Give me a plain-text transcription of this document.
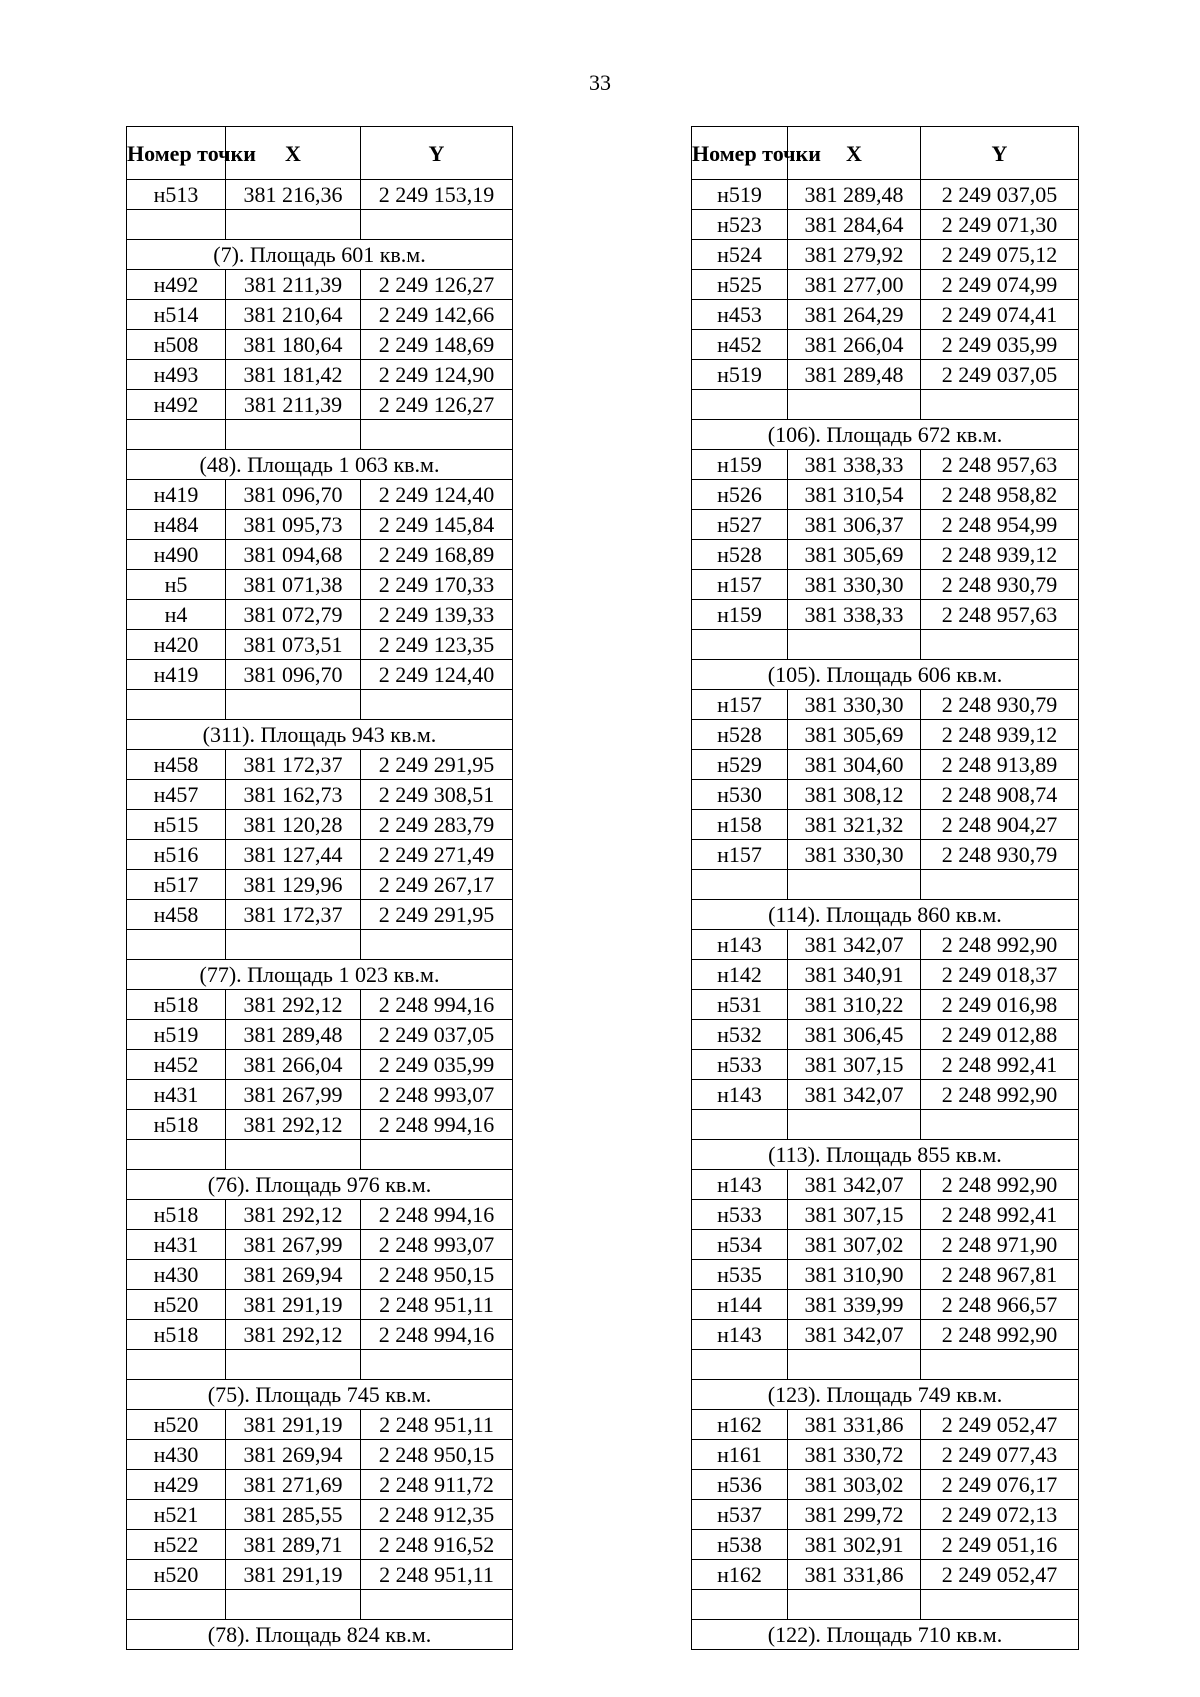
33
Номер точки	X	Y
н513	381 216,36	2 249 153,19

(7). Площадь 601 кв.м.		
н492	381 211,39	2 249 126,27
н514	381 210,64	2 249 142,66
н508	381 180,64	2 249 148,69
н493	381 181,42	2 249 124,90
н492	381 211,39	2 249 126,27

(48). Площадь 1 063 кв.м.		
н419	381 096,70	2 249 124,40
н484	381 095,73	2 249 145,84
н490	381 094,68	2 249 168,89
н5	381 071,38	2 249 170,33
н4	381 072,79	2 249 139,33
н420	381 073,51	2 249 123,35
н419	381 096,70	2 249 124,40

(311). Площадь 943 кв.м.		
н458	381 172,37	2 249 291,95
н457	381 162,73	2 249 308,51
н515	381 120,28	2 249 283,79
н516	381 127,44	2 249 271,49
н517	381 129,96	2 249 267,17
н458	381 172,37	2 249 291,95

(77). Площадь 1 023 кв.м.		
н518	381 292,12	2 248 994,16
н519	381 289,48	2 249 037,05
н452	381 266,04	2 249 035,99
н431	381 267,99	2 248 993,07
н518	381 292,12	2 248 994,16

(76). Площадь 976 кв.м.		
н518	381 292,12	2 248 994,16
н431	381 267,99	2 248 993,07
н430	381 269,94	2 248 950,15
н520	381 291,19	2 248 951,11
н518	381 292,12	2 248 994,16

(75). Площадь 745 кв.м.		
н520	381 291,19	2 248 951,11
н430	381 269,94	2 248 950,15
н429	381 271,69	2 248 911,72
н521	381 285,55	2 248 912,35
н522	381 289,71	2 248 916,52
н520	381 291,19	2 248 951,11

(78). Площадь 824 кв.м.		
Номер точки	X	Y
н519	381 289,48	2 249 037,05
н523	381 284,64	2 249 071,30
н524	381 279,92	2 249 075,12
н525	381 277,00	2 249 074,99
н453	381 264,29	2 249 074,41
н452	381 266,04	2 249 035,99
н519	381 289,48	2 249 037,05

(106). Площадь 672 кв.м.		
н159	381 338,33	2 248 957,63
н526	381 310,54	2 248 958,82
н527	381 306,37	2 248 954,99
н528	381 305,69	2 248 939,12
н157	381 330,30	2 248 930,79
н159	381 338,33	2 248 957,63

(105). Площадь 606 кв.м.		
н157	381 330,30	2 248 930,79
н528	381 305,69	2 248 939,12
н529	381 304,60	2 248 913,89
н530	381 308,12	2 248 908,74
н158	381 321,32	2 248 904,27
н157	381 330,30	2 248 930,79

(114). Площадь 860 кв.м.		
н143	381 342,07	2 248 992,90
н142	381 340,91	2 249 018,37
н531	381 310,22	2 249 016,98
н532	381 306,45	2 249 012,88
н533	381 307,15	2 248 992,41
н143	381 342,07	2 248 992,90

(113). Площадь 855 кв.м.		
н143	381 342,07	2 248 992,90
н533	381 307,15	2 248 992,41
н534	381 307,02	2 248 971,90
н535	381 310,90	2 248 967,81
н144	381 339,99	2 248 966,57
н143	381 342,07	2 248 992,90

(123). Площадь 749 кв.м.		
н162	381 331,86	2 249 052,47
н161	381 330,72	2 249 077,43
н536	381 303,02	2 249 076,17
н537	381 299,72	2 249 072,13
н538	381 302,91	2 249 051,16
н162	381 331,86	2 249 052,47

(122). Площадь 710 кв.м.		
